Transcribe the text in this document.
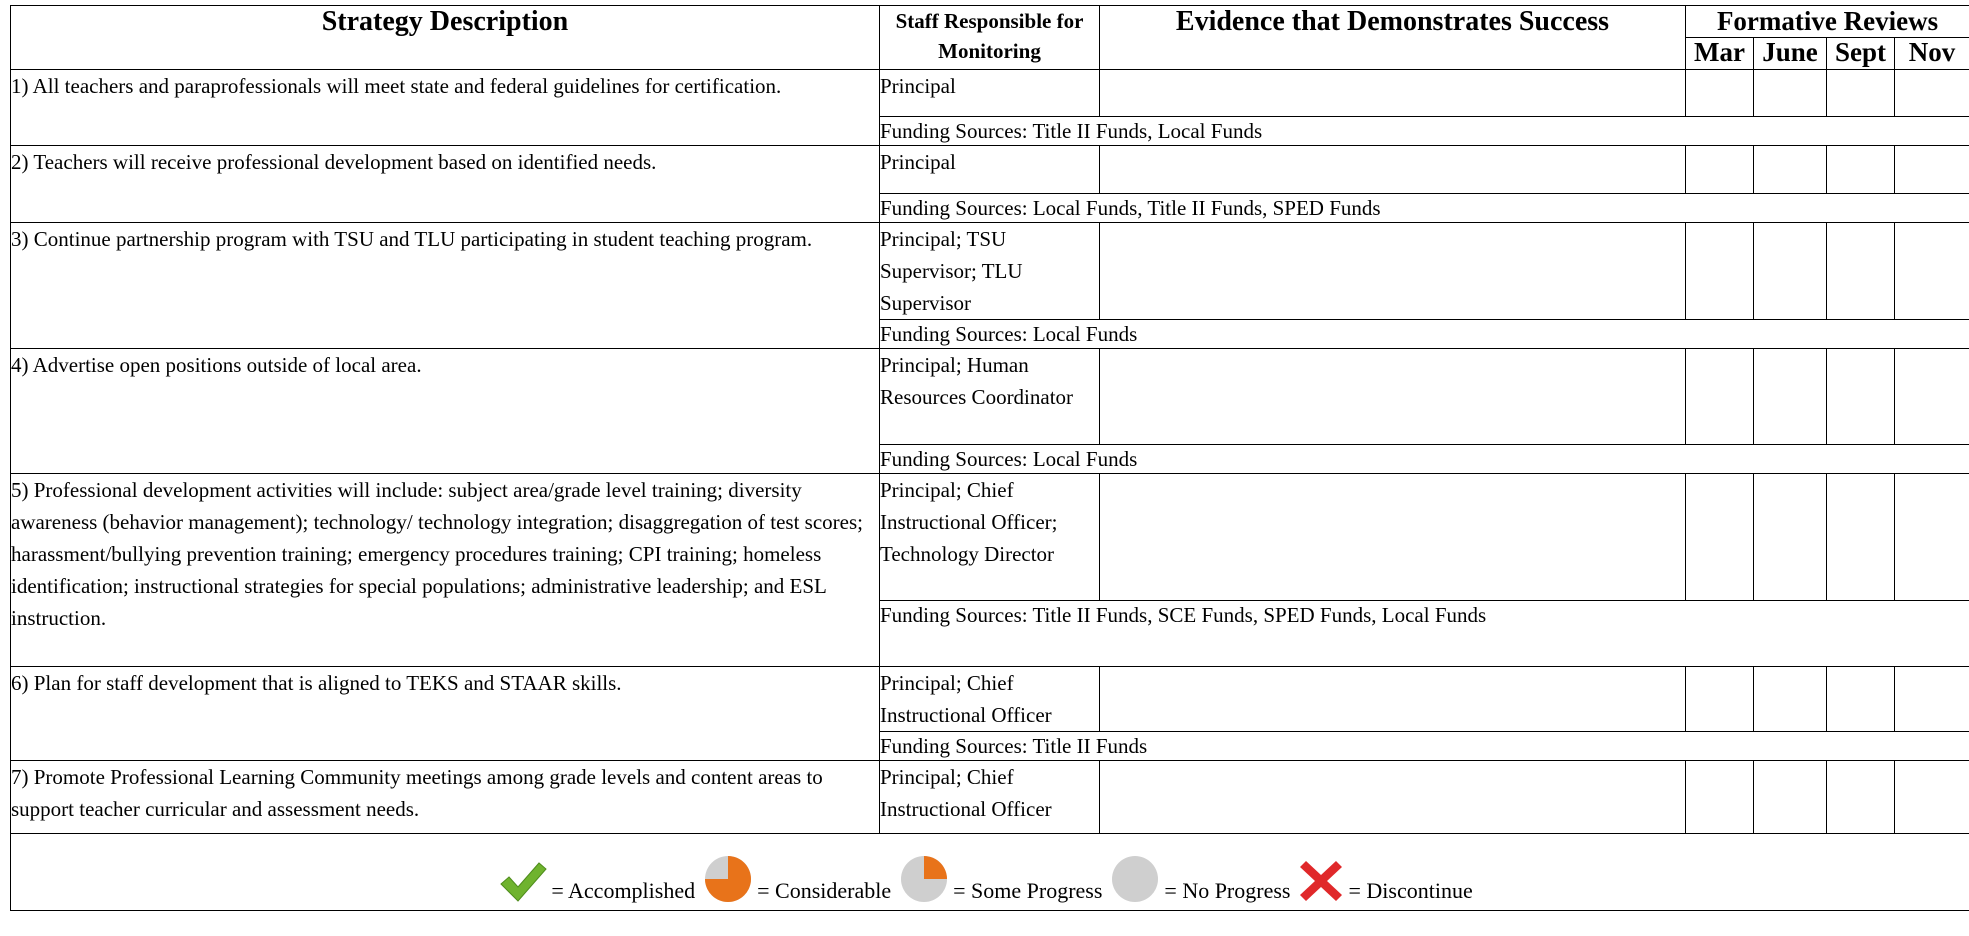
Strategy Description	Staff Responsible for Monitoring	Evidence that Demonstrates Success	Formative Reviews			
			Mar	June	Sept	Nov
1) All teachers and paraprofessionals will meet state and federal guidelines for certification.	Principal					
	Funding Sources: Title II Funds, Local Funds					
2) Teachers will receive professional development based on identified needs.	Principal					
	Funding Sources: Local Funds, Title II Funds, SPED Funds					
3) Continue partnership program with TSU and TLU participating in student teaching program.	Principal; TSU Supervisor; TLU Supervisor					
	Funding Sources: Local Funds					
4) Advertise open positions outside of local area.	Principal; Human Resources Coordinator					
	Funding Sources: Local Funds					
5) Professional development activities will include: subject area/grade level training; diversity awareness (behavior management); technology/ technology integration; disaggregation of test scores; harassment/bullying prevention training; emergency procedures training; CPI training; homeless identification; instructional strategies for special populations; administrative leadership; and ESL instruction.	Principal; Chief Instructional Officer; Technology Director					
	Funding Sources: Title II Funds, SCE Funds, SPED Funds, Local Funds					
6) Plan for staff development that is aligned to TEKS and STAAR skills.	Principal; Chief Instructional Officer					
	Funding Sources: Title II Funds					
7) Promote Professional Learning Community meetings among grade levels and content areas to support teacher curricular and assessment needs.	Principal; Chief Instructional Officer					

= Accomplished = Considerable = Some Progress = No Progress = Discontinue						
